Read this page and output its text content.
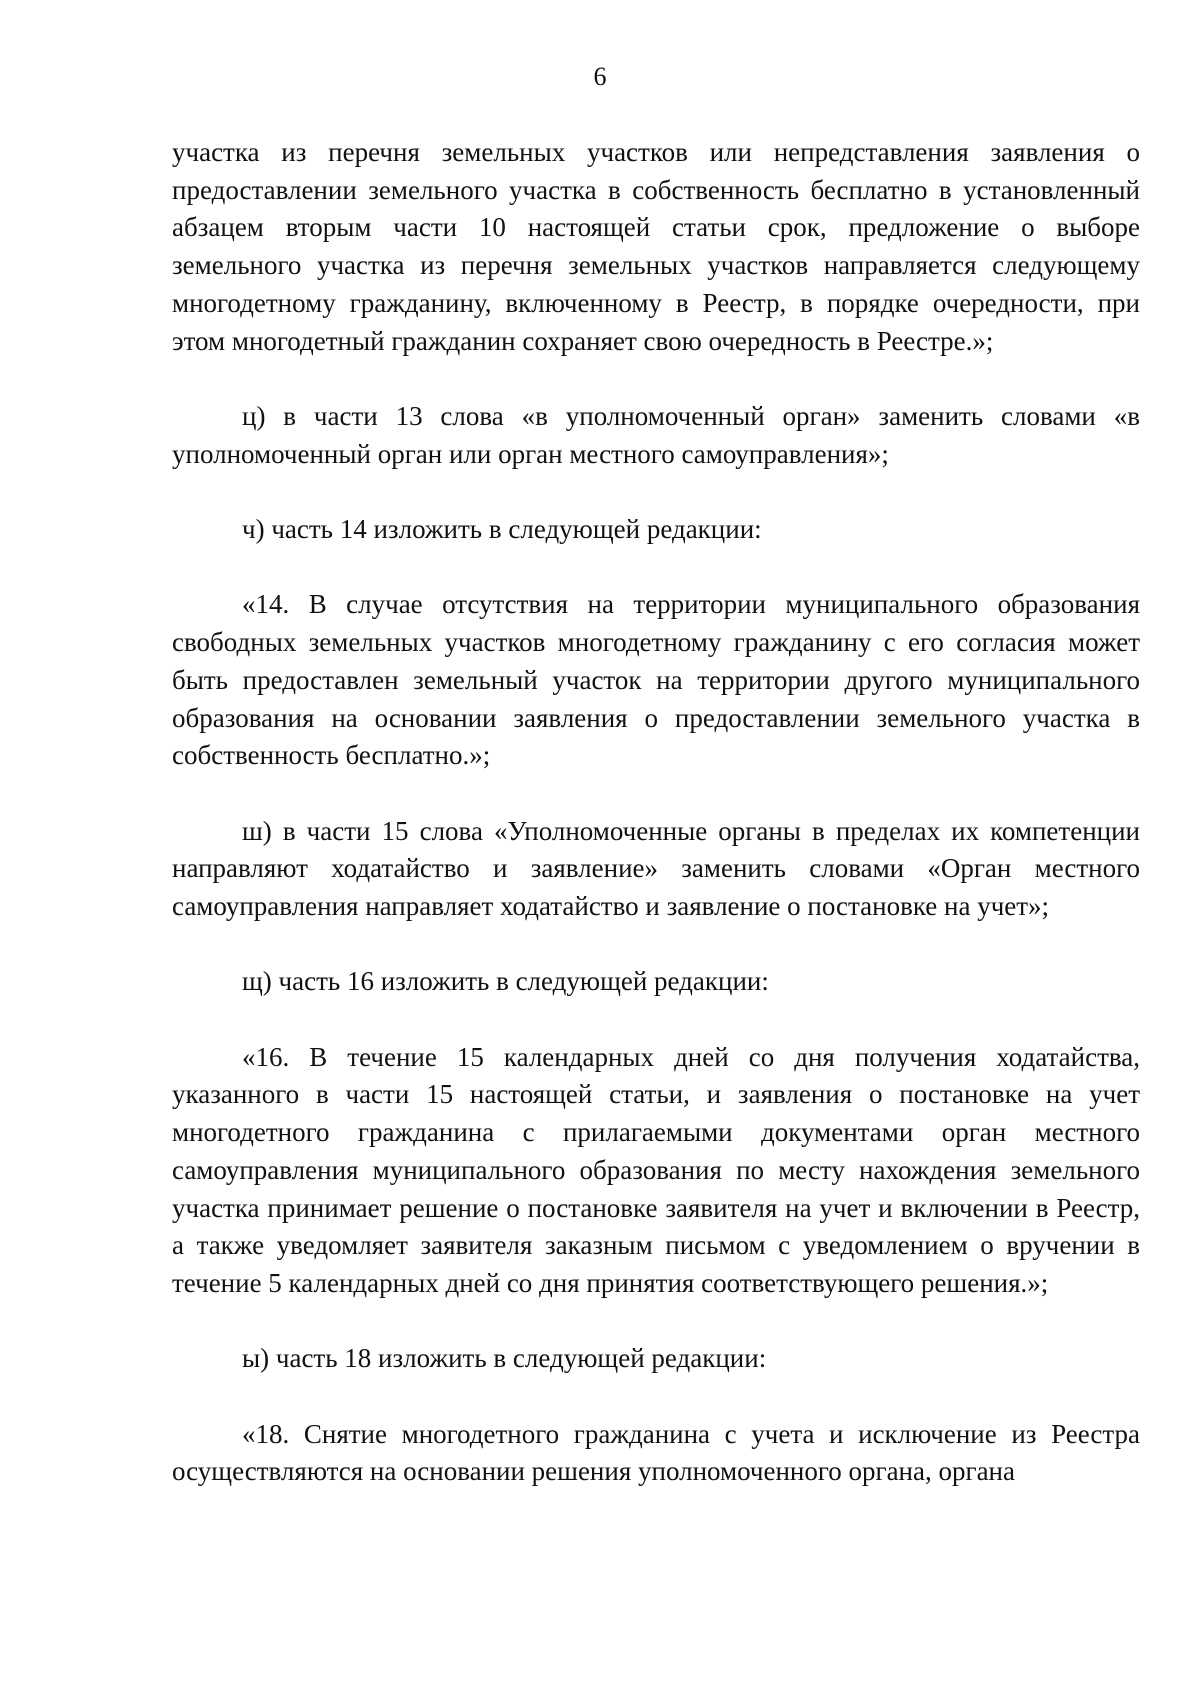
6

участка из перечня земельных участков или непредставления заявления о предоставлении земельного участка в собственность бесплатно в установленный абзацем вторым части 10 настоящей статьи срок, предложение о выборе земельного участка из перечня земельных участков направляется следующему многодетному гражданину, включенному в Реестр, в порядке очередности, при этом многодетный гражданин сохраняет свою очередность в Реестре.»;

ц) в части 13 слова «в уполномоченный орган» заменить словами «в уполномоченный орган или орган местного самоуправления»;

ч) часть 14 изложить в следующей редакции:

«14. В случае отсутствия на территории муниципального образования свободных земельных участков многодетному гражданину с его согласия может быть предоставлен земельный участок на территории другого муниципального образования на основании заявления о предоставлении земельного участка в собственность бесплатно.»;

ш) в части 15 слова «Уполномоченные органы в пределах их компетенции направляют ходатайство и заявление» заменить словами «Орган местного самоуправления направляет ходатайство и заявление о постановке на учет»;

щ) часть 16 изложить в следующей редакции:

«16. В течение 15 календарных дней со дня получения ходатайства, указанного в части 15 настоящей статьи, и заявления о постановке на учет многодетного гражданина с прилагаемыми документами орган местного самоуправления муниципального образования по месту нахождения земельного участка принимает решение о постановке заявителя на учет и включении в Реестр, а также уведомляет заявителя заказным письмом с уведомлением о вручении в течение 5 календарных дней со дня принятия соответствующего решения.»;

ы) часть 18 изложить в следующей редакции:

«18. Снятие многодетного гражданина с учета и исключение из Реестра осуществляются на основании решения уполномоченного органа, органа
